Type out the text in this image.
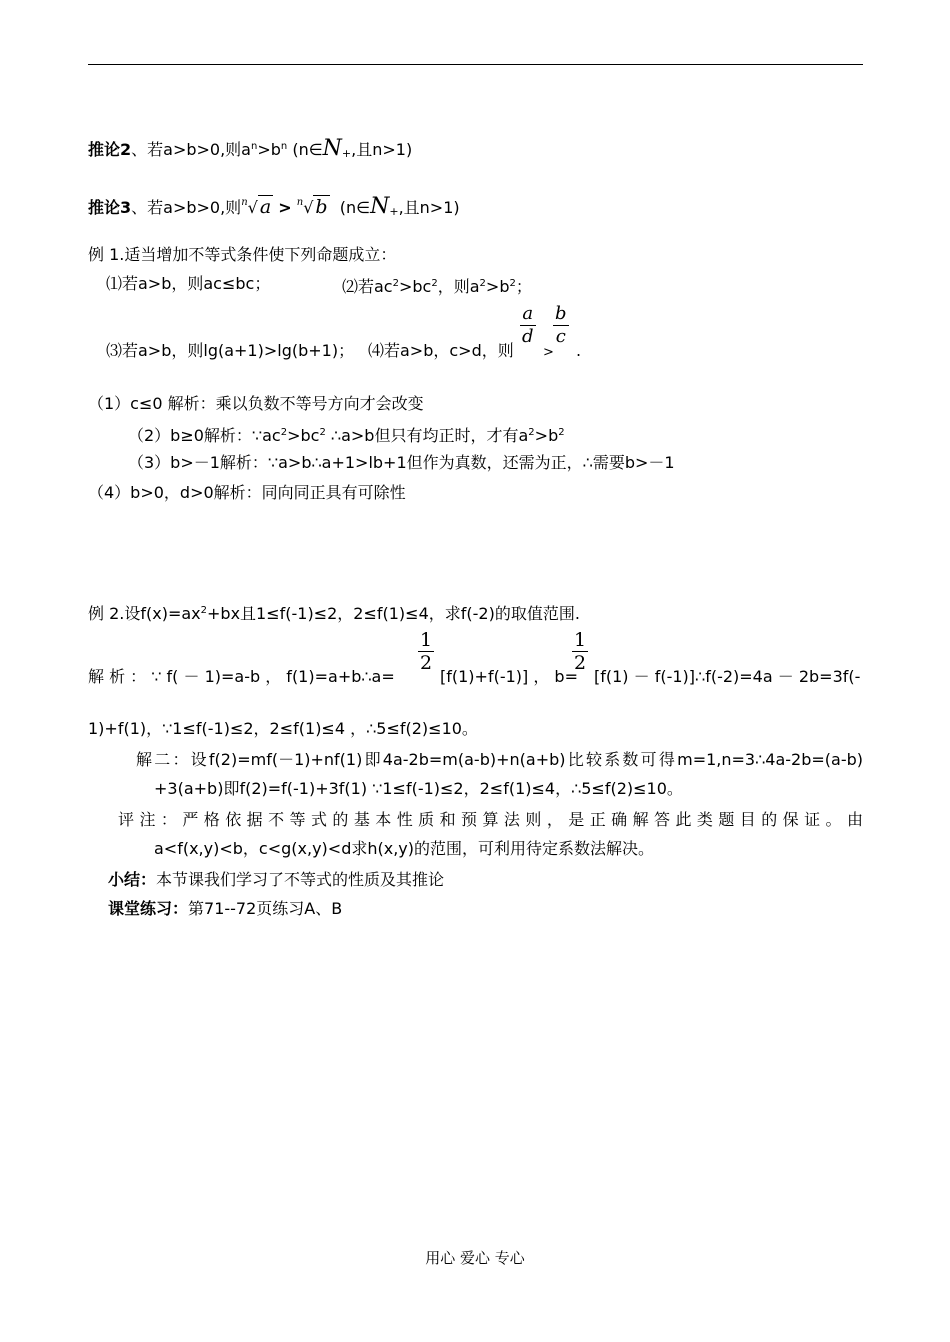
推论2、若a>b>0,则$a^n>b^n$ (n∈N+,且n>1)
推论3、若a>b>0,则$^n$√ a > $^n$√ b (n∈N+,且n>1)
例 1.适当增加不等式条件使下列命题成立：
⑴若a>b，则ac≤bc；	⑵若$ac^2>bc^2$，则$a^2>b^2$；
⑶若a>b，则lg(a+1)>lg(b+1)； ⑷若a>b，c>d，则
$\frac{a}{d}$
>
$\frac{b}{c}$
.
（1）c≤0 解析：乘以负数不等号方向才会改变
（2）b≥0解析：$\because ac^2>bc^2$ ∴a>b但只有均正时，才有$a^2>b^2$
（3）b>－1解析：∵a>b∴a+1>lb+1但作为真数，还需为正，∴需要b>－1
（4）b>0，d>0解析：同向同正具有可除性
例 2.设$f(x)=ax^2+bx$且1≤f(-1)≤2，2≤f(1)≤4，求f(-2)的取值范围.
解 析 ： ∵ f( － 1)=a-b ， f(1)=a+b∴a=
$\frac{1}{2}$
[f(1)+f(-1)] ， b=
$\frac{1}{2}$
[f(1) － f(-1)]∴f(-2)=4a － 2b=3f(-
1)+f(1)，∵1≤f(-1)≤2，2≤f(1)≤4 ，∴5≤f(2)≤10。
解二：设f(2)=mf(－1)+nf(1)即4a-2b=m(a-b)+n(a+b)比较系数可得m=1,n=3∴4a-2b=(a-b)
+3(a+b)即f(2)=f(-1)+3f(1) ∵1≤f(-1)≤2，2≤f(1)≤4，∴5≤f(2)≤10。
评注：严格依据不等式的基本性质和预算法则，是正确解答此类题目的保证。由
a<f(x,y)<b，c<g(x,y)<d求h(x,y)的范围，可利用待定系数法解决。
小结：本节课我们学习了不等式的性质及其推论
课堂练习：第71--72页练习A、B
用心 爱心 专心
